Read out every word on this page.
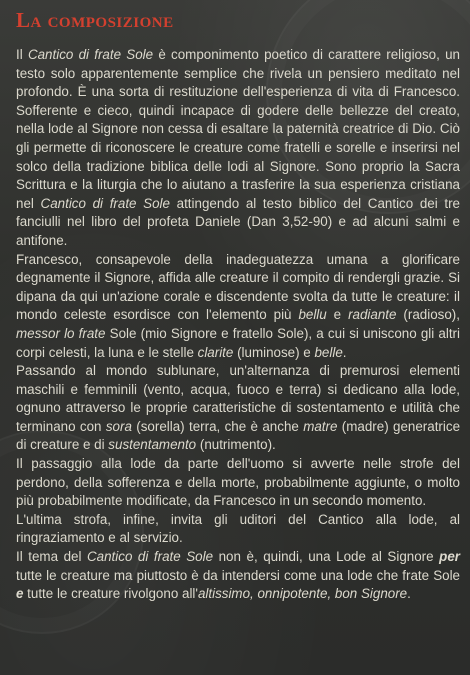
La composizione

Il Cantico di frate Sole è componimento poetico di carattere religioso, un testo solo apparentemente semplice che rivela un pensiero meditato nel profondo. È una sorta di restituzione dell'esperienza di vita di Francesco. Sofferente e cieco, quindi incapace di godere delle bellezze del creato, nella lode al Signore non cessa di esaltare la paternità creatrice di Dio. Ciò gli permette di riconoscere le creature come fratelli e sorelle e inserirsi nel solco della tradizione biblica delle lodi al Signore. Sono proprio la Sacra Scrittura e la liturgia che lo aiutano a trasferire la sua esperienza cristiana nel Cantico di frate Sole attingendo al testo biblico del Cantico dei tre fanciulli nel libro del profeta Daniele (Dan 3,52-90) e ad alcuni salmi e antifone.

Francesco, consapevole della inadeguatezza umana a glorificare degnamente il Signore, affida alle creature il compito di rendergli grazie. Si dipana da qui un'azione corale e discendente svolta da tutte le creature: il mondo celeste esordisce con l'elemento più bellu e radiante (radioso), messor lo frate Sole (mio Signore e fratello Sole), a cui si uniscono gli altri corpi celesti, la luna e le stelle clarite (luminose) e belle.

Passando al mondo sublunare, un'alternanza di premurosi elementi maschili e femminili (vento, acqua, fuoco e terra) si dedicano alla lode, ognuno attraverso le proprie caratteristiche di sostentamento e utilità che terminano con sora (sorella) terra, che è anche matre (madre) generatrice di creature e di sustentamento (nutrimento).

Il passaggio alla lode da parte dell'uomo si avverte nelle strofe del perdono, della sofferenza e della morte, probabilmente aggiunte, o molto più probabilmente modificate, da Francesco in un secondo momento.

L'ultima strofa, infine, invita gli uditori del Cantico alla lode, al ringraziamento e al servizio.

Il tema del Cantico di frate Sole non è, quindi, una Lode al Signore per tutte le creature ma piuttosto è da intendersi come una lode che frate Sole e tutte le creature rivolgono all'altissimo, onnipotente, bon Signore.
